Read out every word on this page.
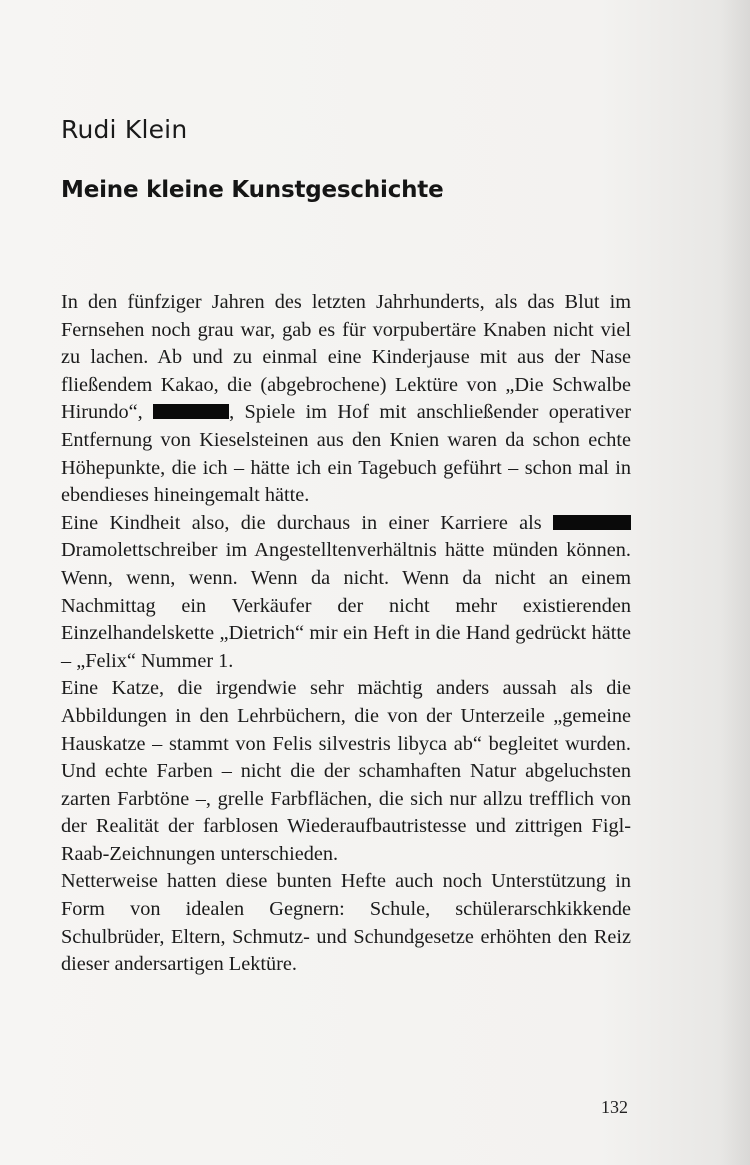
Rudi Klein
Meine kleine Kunstgeschichte

In den fünfziger Jahren des letzten Jahrhunderts, als das Blut im Fernsehen noch grau war, gab es für vorpubertäre Knaben nicht viel zu lachen. Ab und zu einmal eine Kinderjause mit aus der Nase fließendem Kakao, die (abgebrochene) Lektüre von „Die Schwalbe Hirundo“,	, Spiele im Hof mit anschließender operativer Entfernung von Kieselsteinen aus den Knien waren da schon echte Höhepunkte, die ich – hätte ich ein Tagebuch geführt – schon mal in ebendieses hineingemalt hätte.

Eine Kindheit also, die durchaus in einer Karriere als  Dramolettschreiber im Angestelltenverhältnis hätte münden können. Wenn, wenn, wenn. Wenn da nicht. Wenn da nicht an einem Nachmittag ein Verkäufer der nicht mehr existierenden Einzelhandelskette „Dietrich“ mir ein Heft in die Hand gedrückt hätte – „Felix“ Nummer 1.

Eine Katze, die irgendwie sehr mächtig anders aussah als die Abbildungen in den Lehrbüchern, die von der Unterzeile „gemeine Hauskatze – stammt von Felis silvestris libyca ab“ begleitet wurden. Und echte Farben – nicht die der schamhaften Natur abgeluchsten zarten Farbtöne –, grelle Farbflächen, die sich nur allzu trefflich von der Realität der farblosen Wiederaufbautristesse und zittrigen Figl-Raab-Zeichnungen unterschieden.

Netterweise hatten diese bunten Hefte auch noch Unterstützung in Form von idealen Gegnern: Schule, schülerarschkikkende Schulbrüder, Eltern, Schmutz- und Schundgesetze erhöhten den Reiz dieser andersartigen Lektüre.

132
